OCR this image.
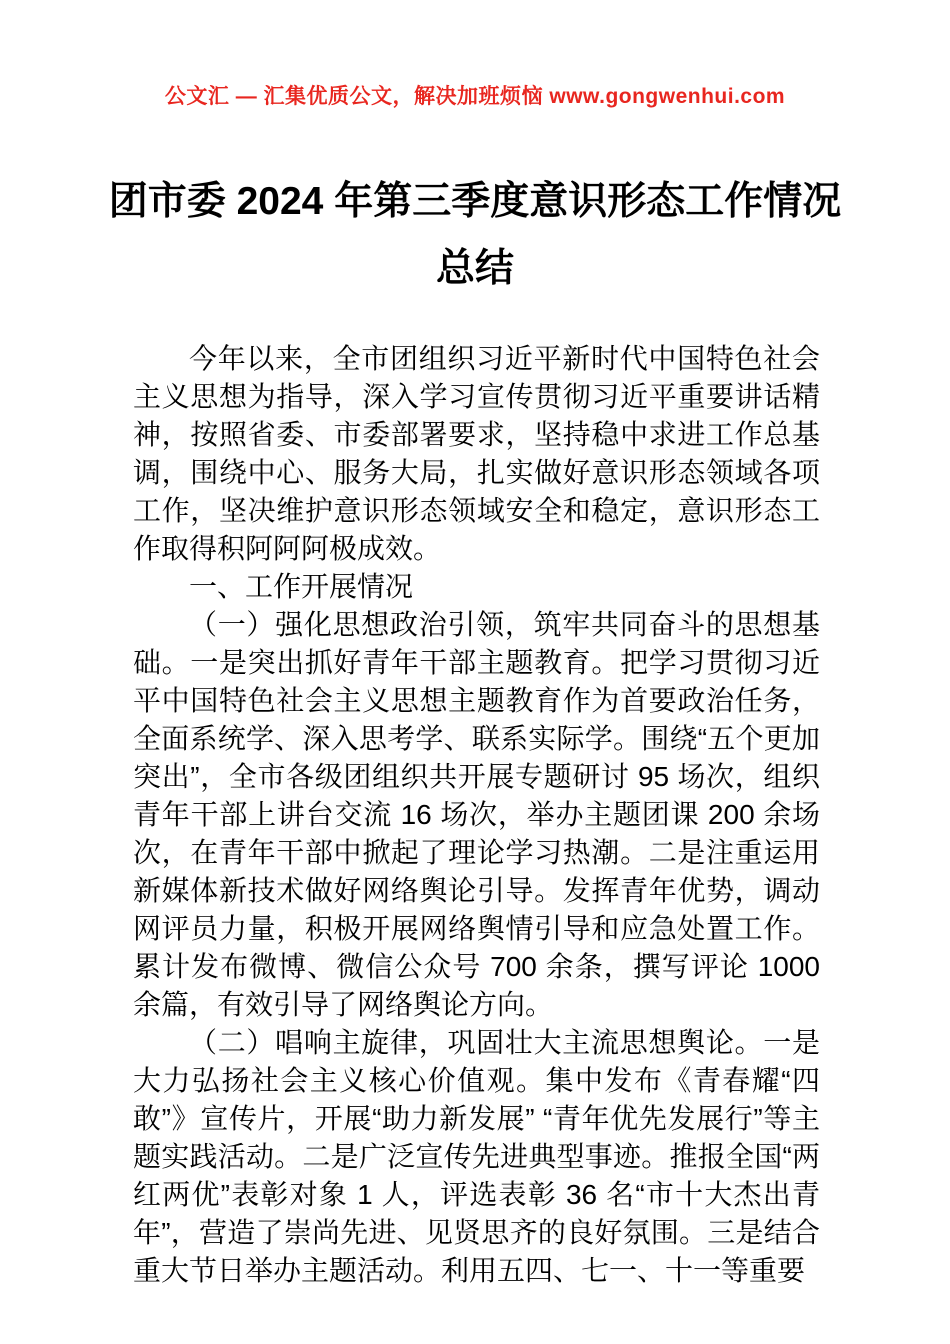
公文汇 — 汇集优质公文，解决加班烦恼 www.gongwenhui.com
团市委 2024 年第三季度意识形态工作情况
总结

今年以来，全市团组织习近平新时代中国特色社会主义思想为指导，深入学习宣传贯彻习近平重要讲话精神，按照省委、市委部署要求，坚持稳中求进工作总基调，围绕中心、服务大局，扎实做好意识形态领域各项工作，坚决维护意识形态领域安全和稳定，意识形态工作取得积阿阿阿极成效。

一、工作开展情况

（一）强化思想政治引领，筑牢共同奋斗的思想基础。一是突出抓好青年干部主题教育。把学习贯彻习近平中国特色社会主义思想主题教育作为首要政治任务，全面系统学、深入思考学、联系实际学。围绕“五个更加突出”，全市各级团组织共开展专题研讨 95 场次，组织青年干部上讲台交流 16 场次，举办主题团课 200 余场次，在青年干部中掀起了理论学习热潮。二是注重运用新媒体新技术做好网络舆论引导。发挥青年优势，调动网评员力量，积极开展网络舆情引导和应急处置工作。累计发布微博、微信公众号 700 余条，撰写评论 1000 余篇，有效引导了网络舆论方向。

（二）唱响主旋律，巩固壮大主流思想舆论。一是大力弘扬社会主义核心价值观。集中发布《青春耀“四敢”》宣传片，开展“助力新发展” “青年优先发展行”等主题实践活动。二是广泛宣传先进典型事迹。推报全国“两红两优”表彰对象 1 人，评选表彰 36 名“市十大杰出青年”，营造了崇尚先进、见贤思齐的良好氛围。三是结合重大节日举办主题活动。利用五四、七一、十一等重要
